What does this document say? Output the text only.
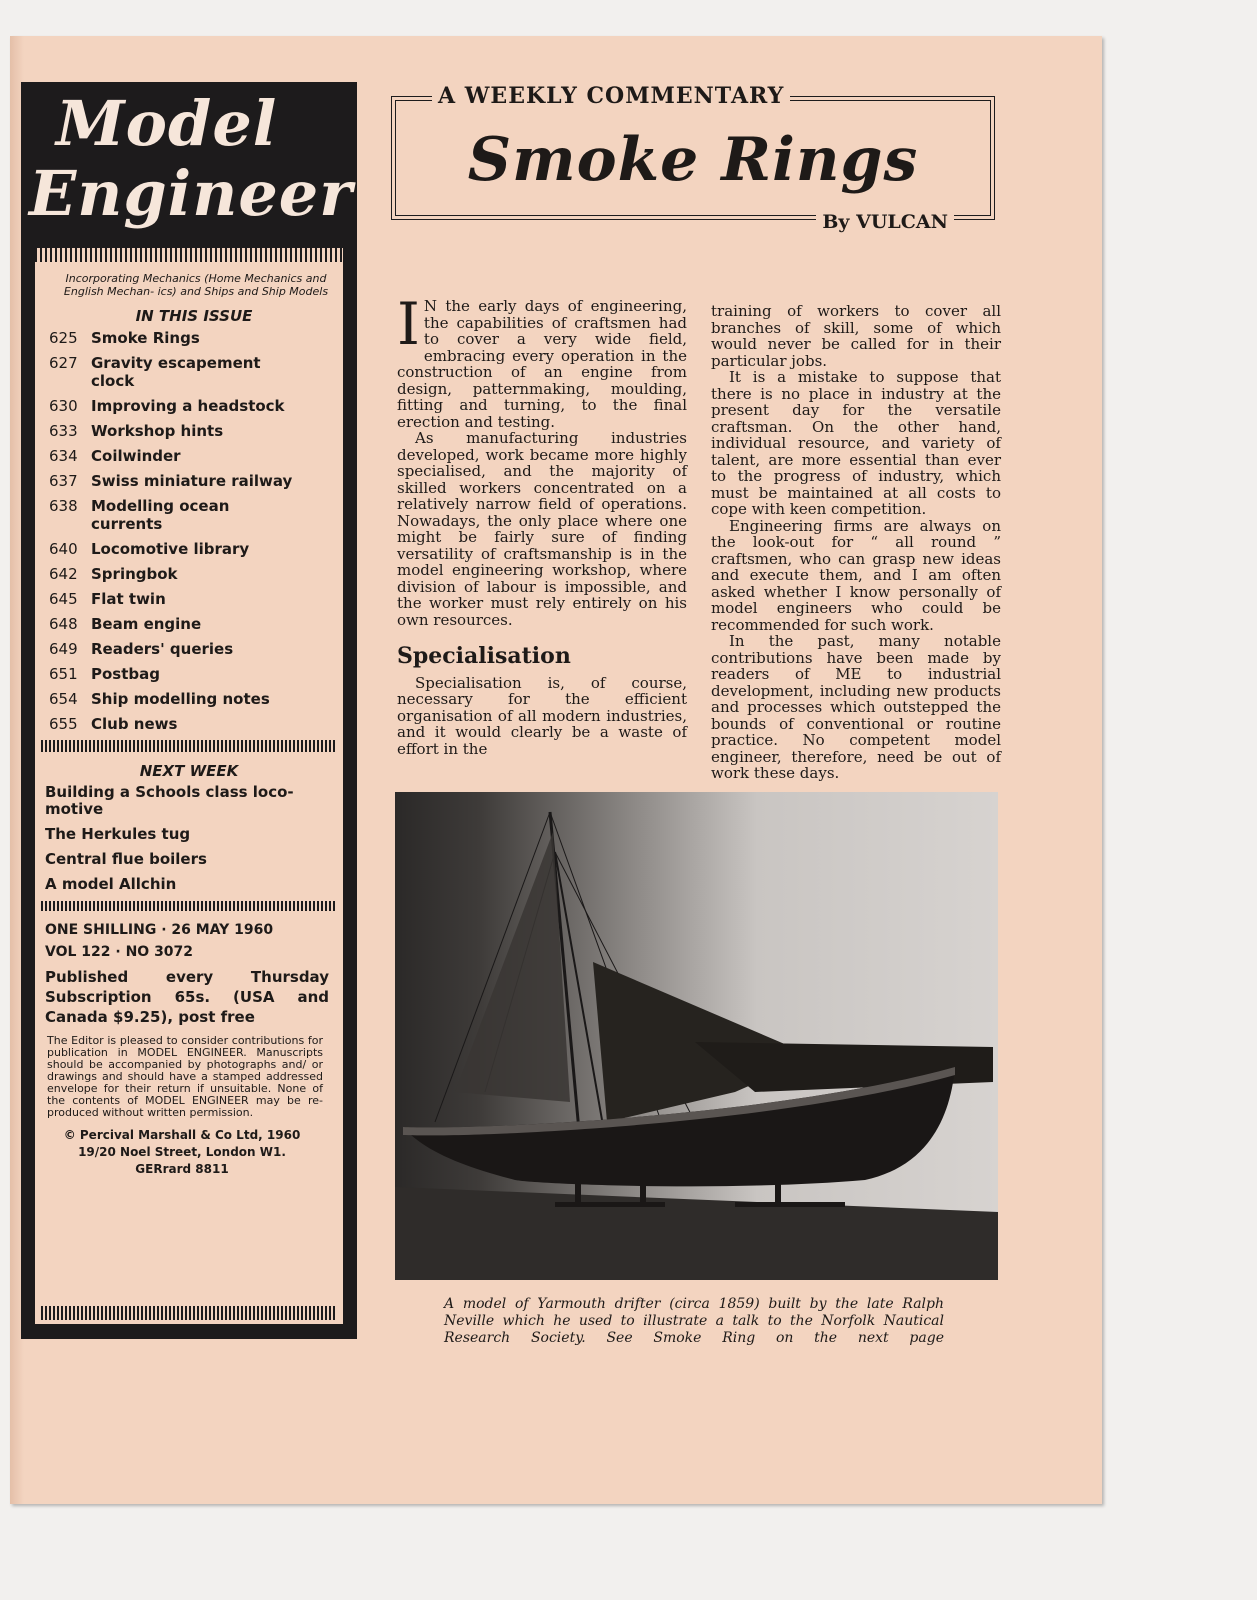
Model
Engineer
Incorporating Mechanics (Home Mechanics and English Mechan- ics) and Ships and Ship Models
IN THIS ISSUE
625 Smoke Rings
627 Gravity escapement clock
630 Improving a headstock
633 Workshop hints
634 Coilwinder
637 Swiss miniature railway
638 Modelling ocean currents
640 Locomotive library
642 Springbok
645 Flat twin
648 Beam engine
649 Readers' queries
651 Postbag
654 Ship modelling notes
655 Club news
NEXT WEEK
Building a Schools class loco- motive
The Herkules tug
Central flue boilers
A model Allchin
ONE SHILLING · 26 MAY 1960
VOL 122 · NO 3072
Published every Thursday Subscription 65s. (USA and Canada $9.25), post free
The Editor is pleased to consider contributions for publication in MODEL ENGINEER. Manuscripts should be accompanied by photographs and/ or drawings and should have a stamped addressed envelope for their return if unsuitable. None of the contents of MODEL ENGINEER may be re- produced without written permission.
© Percival Marshall & Co Ltd, 1960
19/20 Noel Street, London W1.
GERrard 8811
A WEEKLY COMMENTARY
Smoke Rings
By VULCAN

I N the early days of engineering, the capabilities of craftsmen had to cover a very wide field, embracing every operation in the construction of an engine from design, patternmaking, moulding, fitting and turning, to the final erection and testing.

As manufacturing industries developed, work became more highly specialised, and the majority of skilled workers concentrated on a relatively narrow field of operations. Nowadays, the only place where one might be fairly sure of finding versatility of craftsmanship is in the model engineering workshop, where division of labour is impossible, and the worker must rely entirely on his own resources.

Specialisation

Specialisation is, of course, necessary for the efficient organisation of all modern industries, and it would clearly be a waste of effort in the

training of workers to cover all branches of skill, some of which would never be called for in their particular jobs.

It is a mistake to suppose that there is no place in industry at the present day for the versatile craftsman. On the other hand, individual resource, and variety of talent, are more essential than ever to the progress of industry, which must be maintained at all costs to cope with keen competition.

Engineering firms are always on the look-out for “ all round ” craftsmen, who can grasp new ideas and execute them, and I am often asked whether I know personally of model engineers who could be recommended for such work.

In the past, many notable contributions have been made by readers of ME to industrial development, including new products and processes which outstepped the bounds of conventional or routine practice. No competent model engineer, therefore, need be out of work these days.

A model of Yarmouth drifter (circa 1859) built by the late Ralph Neville which he used to illustrate a talk to the Norfolk Nautical Research Society. See Smoke Ring on the next page
